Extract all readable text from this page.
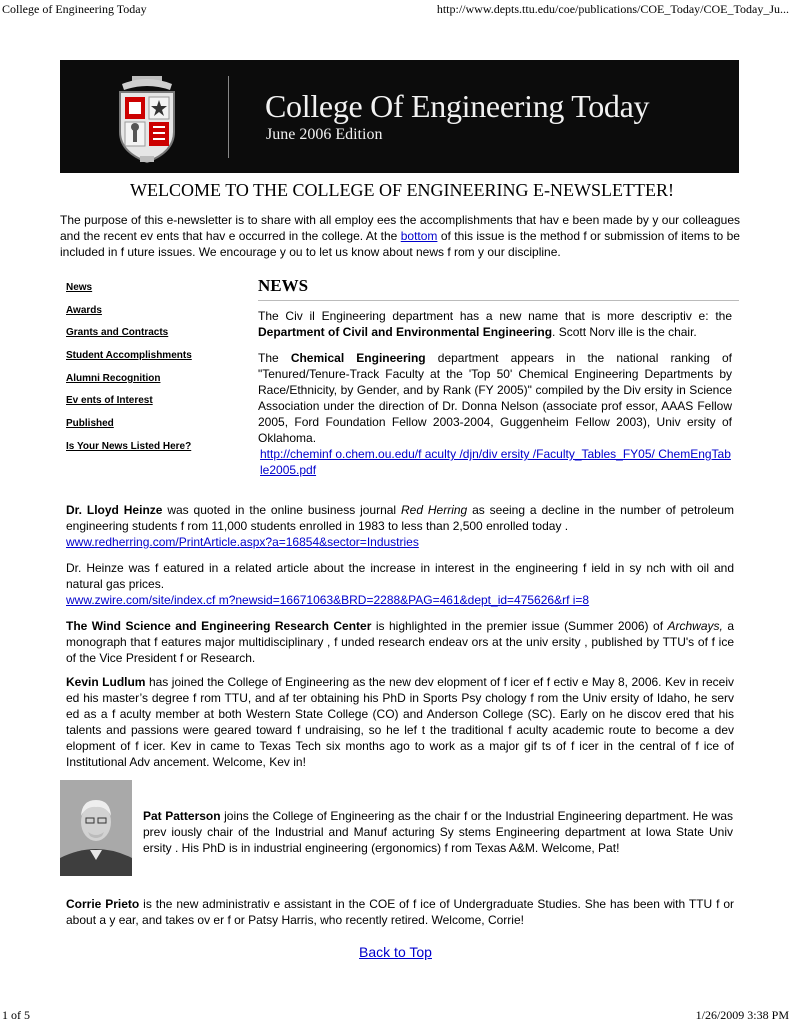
College of Engineering Today	http://www.depts.ttu.edu/coe/publications/COE_Today/COE_Today_Ju...
College Of Engineering Today
June 2006 Edition
WELCOME TO THE COLLEGE OF ENGINEERING E-NEWSLETTER!

The purpose of this e-newsletter is to share with all employ ees the accomplishments that hav e been made by y our colleagues and the recent ev ents that hav e occurred in the college. At the bottom of this issue is the method f or submission of items to be included in f uture issues. We encourage y ou to let us know about news f rom y our discipline.

News
Awards
Grants and Contracts
Student Accomplishments
Alumni Recognition
Ev ents of Interest
Published
Is Your News Listed Here?
NEWS

The Civ il Engineering department has a new name that is more descriptiv e: the Department of Civil and Environmental Engineering. Scott Norv ille is the chair.

The Chemical Engineering department appears in the national ranking of "Tenured/Tenure-Track Faculty at the 'Top 50' Chemical Engineering Departments by Race/Ethnicity, by Gender, and by Rank (FY 2005)" compiled by the Div ersity in Science Association under the direction of Dr. Donna Nelson (associate prof essor, AAAS Fellow 2005, Ford Foundation Fellow 2003-2004, Guggenheim Fellow 2003), Univ ersity of Oklahoma.
http://cheminf o.chem.ou.edu/f aculty /djn/div ersity /Faculty_Tables_FY05/ ChemEngTable2005.pdf

Dr. Lloyd Heinze was quoted in the online business journal Red Herring as seeing a decline in the number of petroleum engineering students f rom 11,000 students enrolled in 1983 to less than 2,500 enrolled today .
www.redherring.com/PrintArticle.aspx?a=16854&sector=Industries

Dr. Heinze was f eatured in a related article about the increase in interest in the engineering f ield in sy nch with oil and natural gas prices.
www.zwire.com/site/index.cf m?newsid=16671063&BRD=2288&PAG=461&dept_id=475626&rf i=8

The Wind Science and Engineering Research Center is highlighted in the premier issue (Summer 2006) of Archways, a monograph that f eatures major multidisciplinary , f unded research endeav ors at the univ ersity , published by TTU's of f ice of the Vice President f or Research.

Kevin Ludlum has joined the College of Engineering as the new dev elopment of f icer ef f ectiv e May 8, 2006. Kev in receiv ed his master’s degree f rom TTU, and af ter obtaining his PhD in Sports Psy chology f rom the Univ ersity of Idaho, he serv ed as a f aculty member at both Western State College (CO) and Anderson College (SC). Early on he discov ered that his talents and passions were geared toward f undraising, so he lef t the traditional f aculty academic route to become a dev elopment of f icer. Kev in came to Texas Tech six months ago to work as a major gif ts of f icer in the central of f ice of Institutional Adv ancement. Welcome, Kev in!

Pat Patterson joins the College of Engineering as the chair f or the Industrial Engineering department. He was prev iously chair of the Industrial and Manuf acturing Sy stems Engineering department at Iowa State Univ ersity . His PhD is in industrial engineering (ergonomics) f rom Texas A&M. Welcome, Pat!

Corrie Prieto is the new administrativ e assistant in the COE of f ice of Undergraduate Studies. She has been with TTU f or about a y ear, and takes ov er f or Patsy Harris, who recently retired. Welcome, Corrie!

Back to Top
1 of 5	1/26/2009 3:38 PM
